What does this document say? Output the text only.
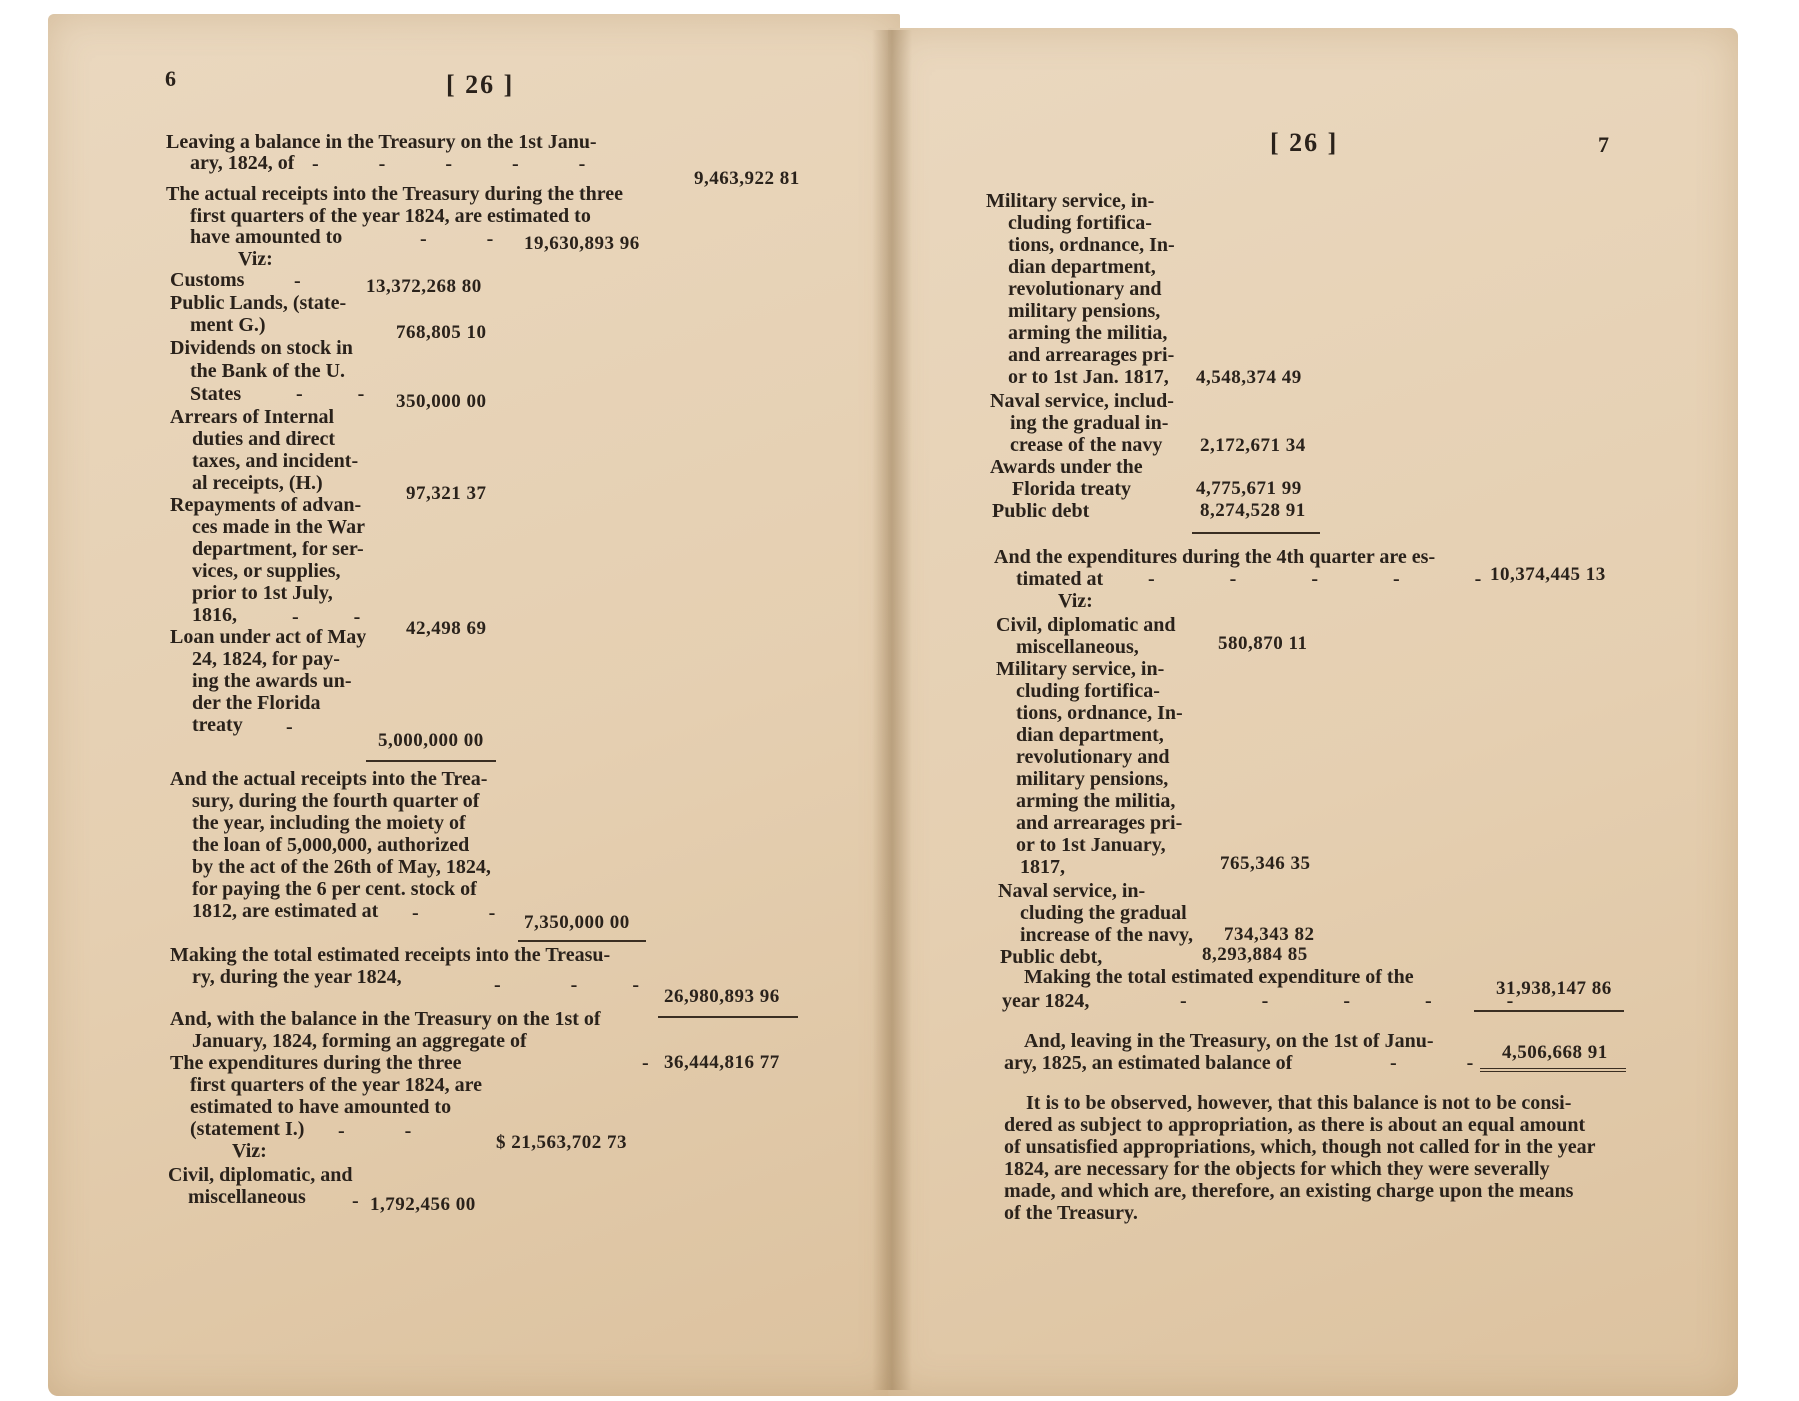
6	[ 26 ]
Leaving a balance in the Treasury on the 1st Janu-
ary, 1824, of -            -            -            -            -
9,463,922 81
The actual receipts into the Treasury during the three
first quarters of the year 1824, are estimated to
have amounted to	-            - 19,630,893 96
Viz:
Customs -	13,372,268 80
Public Lands, (state-
ment G.)	768,805 10
Dividends on stock in
the Bank of the U.
States	-           - 350,000 00
Arrears of Internal
duties and direct
taxes, and incident-
al receipts, (H.)	97,321 37
Repayments of advan-
ces made in the War
department, for ser-
vices, or supplies,
prior to 1st July,
1816,	-           -
42,498 69
Loan under act of May
24, 1824, for pay-
ing the awards un-
der the Florida
treaty -
5,000,000 00
And the actual receipts into the Trea-
sury, during the fourth quarter of
the year, including the moiety of
the loan of 5,000,000, authorized
by the act of the 26th of May, 1824,
for paying the 6 per cent. stock of
1812, are estimated at -              - 7,350,000 00
Making the total estimated receipts into the Treasu-
ry, during the year 1824,	-              -           -
26,980,893 96
And, with the balance in the Treasury on the 1st of
January, 1824, forming an aggregate of
- 36,444,816 77
The expenditures during the three
first quarters of the year 1824, are
estimated to have amounted to
(statement I.) -            -
$ 21,563,702 73
Viz:
Civil, diplomatic, and
miscellaneous - 1,792,456 00
[ 26 ]	7
Military service, in-
cluding fortifica-
tions, ordnance, In-
dian department,
revolutionary and
military pensions,
arming the militia,
and arrearages pri-
or to 1st Jan. 1817, 4,548,374 49
Naval service, includ-
ing the gradual in-
crease of the navy 2,172,671 34
Awards under the
Florida treaty	4,775,671 99
Public debt	8,274,528 91
And the expenditures during the 4th quarter are es-
timated at -               -               -               -               - 10,374,445 13
Viz:
Civil, diplomatic and
miscellaneous,	580,870 11
Military service, in-
cluding fortifica-
tions, ordnance, In-
dian department,
revolutionary and
military pensions,
arming the militia,
and arrearages pri-
or to 1st January,
1817,	765,346 35
Naval service, in-
cluding the gradual
increase of the navy, 734,343 82
Public debt,	8,293,884 85
Making the total estimated expenditure of the
year 1824,	-               -               -               -               -
31,938,147 86
And, leaving in the Treasury, on the 1st of Janu-
ary, 1825, an estimated balance of	-              - 4,506,668 91
It is to be observed, however, that this balance is not to be consi-
dered as subject to appropriation, as there is about an equal amount
of unsatisfied appropriations, which, though not called for in the year
1824, are necessary for the objects for which they were severally
made, and which are, therefore, an existing charge upon the means
of the Treasury.
